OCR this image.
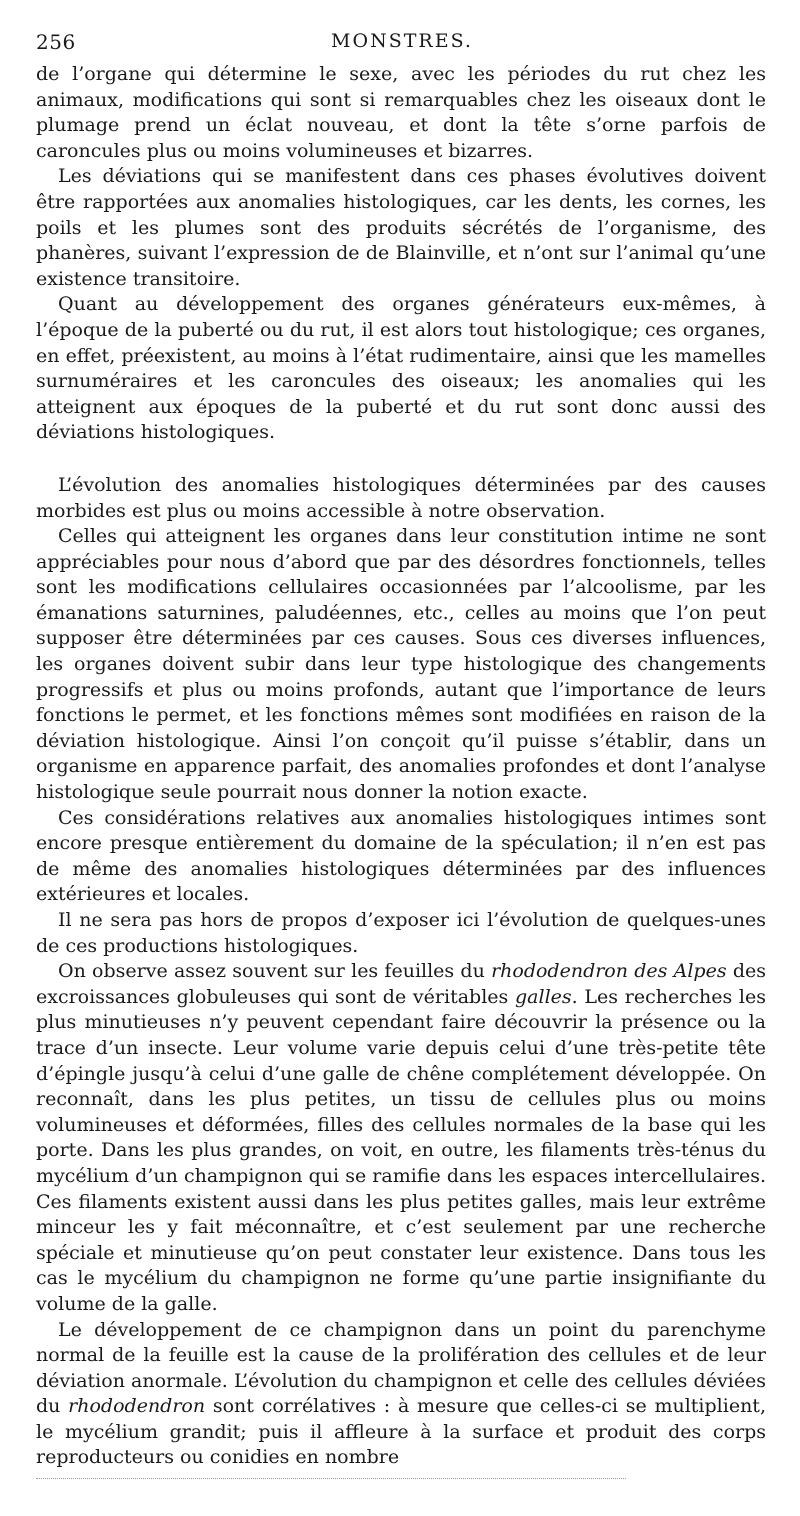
256	MONSTRES.

de l’organe qui détermine le sexe, avec les périodes du rut chez les animaux, modifications qui sont si remarquables chez les oiseaux dont le plumage prend un éclat nouveau, et dont la tête s’orne parfois de caroncules plus ou moins volumineuses et bizarres.

Les déviations qui se manifestent dans ces phases évolutives doivent être rapportées aux anomalies histologiques, car les dents, les cornes, les poils et les plumes sont des produits sécrétés de l’organisme, des phanères, suivant l’expression de de Blainville, et n’ont sur l’animal qu’une existence transitoire.

Quant au développement des organes générateurs eux-mêmes, à l’époque de la puberté ou du rut, il est alors tout histologique; ces organes, en effet, préexistent, au moins à l’état rudimentaire, ainsi que les mamelles surnuméraires et les caroncules des oiseaux; les anomalies qui les atteignent aux époques de la puberté et du rut sont donc aussi des déviations histologiques.

L’évolution des anomalies histologiques déterminées par des causes morbides est plus ou moins accessible à notre observation.

Celles qui atteignent les organes dans leur constitution intime ne sont appréciables pour nous d’abord que par des désordres fonctionnels, telles sont les modifications cellulaires occasionnées par l’alcoolisme, par les émanations saturnines, paludéennes, etc., celles au moins que l’on peut supposer être déterminées par ces causes. Sous ces diverses influences, les organes doivent subir dans leur type histologique des changements progressifs et plus ou moins profonds, autant que l’importance de leurs fonctions le permet, et les fonctions mêmes sont modifiées en raison de la déviation histologique. Ainsi l’on conçoit qu’il puisse s’établir, dans un organisme en apparence parfait, des anomalies profondes et dont l’analyse histologique seule pourrait nous donner la notion exacte.

Ces considérations relatives aux anomalies histologiques intimes sont encore presque entièrement du domaine de la spéculation; il n’en est pas de même des anomalies histologiques déterminées par des influences extérieures et locales.

Il ne sera pas hors de propos d’exposer ici l’évolution de quelques-unes de ces productions histologiques.

On observe assez souvent sur les feuilles du rhododendron des Alpes des excroissances globuleuses qui sont de véritables galles. Les recherches les plus minutieuses n’y peuvent cependant faire découvrir la présence ou la trace d’un insecte. Leur volume varie depuis celui d’une très-petite tête d’épingle jusqu’à celui d’une galle de chêne complétement développée. On reconnaît, dans les plus petites, un tissu de cellules plus ou moins volumineuses et déformées, filles des cellules normales de la base qui les porte. Dans les plus grandes, on voit, en outre, les filaments très-ténus du mycélium d’un champignon qui se ramifie dans les espaces intercellulaires. Ces filaments existent aussi dans les plus petites galles, mais leur extrême minceur les y fait méconnaître, et c’est seulement par une recherche spéciale et minutieuse qu’on peut constater leur existence. Dans tous les cas le mycélium du champignon ne forme qu’une partie insignifiante du volume de la galle.

Le développement de ce champignon dans un point du parenchyme normal de la feuille est la cause de la prolifération des cellules et de leur déviation anormale. L’évolution du champignon et celle des cellules déviées du rhododendron sont corrélatives : à mesure que celles-ci se multiplient, le mycélium grandit; puis il affleure à la surface et produit des corps reproducteurs ou conidies en nombre
